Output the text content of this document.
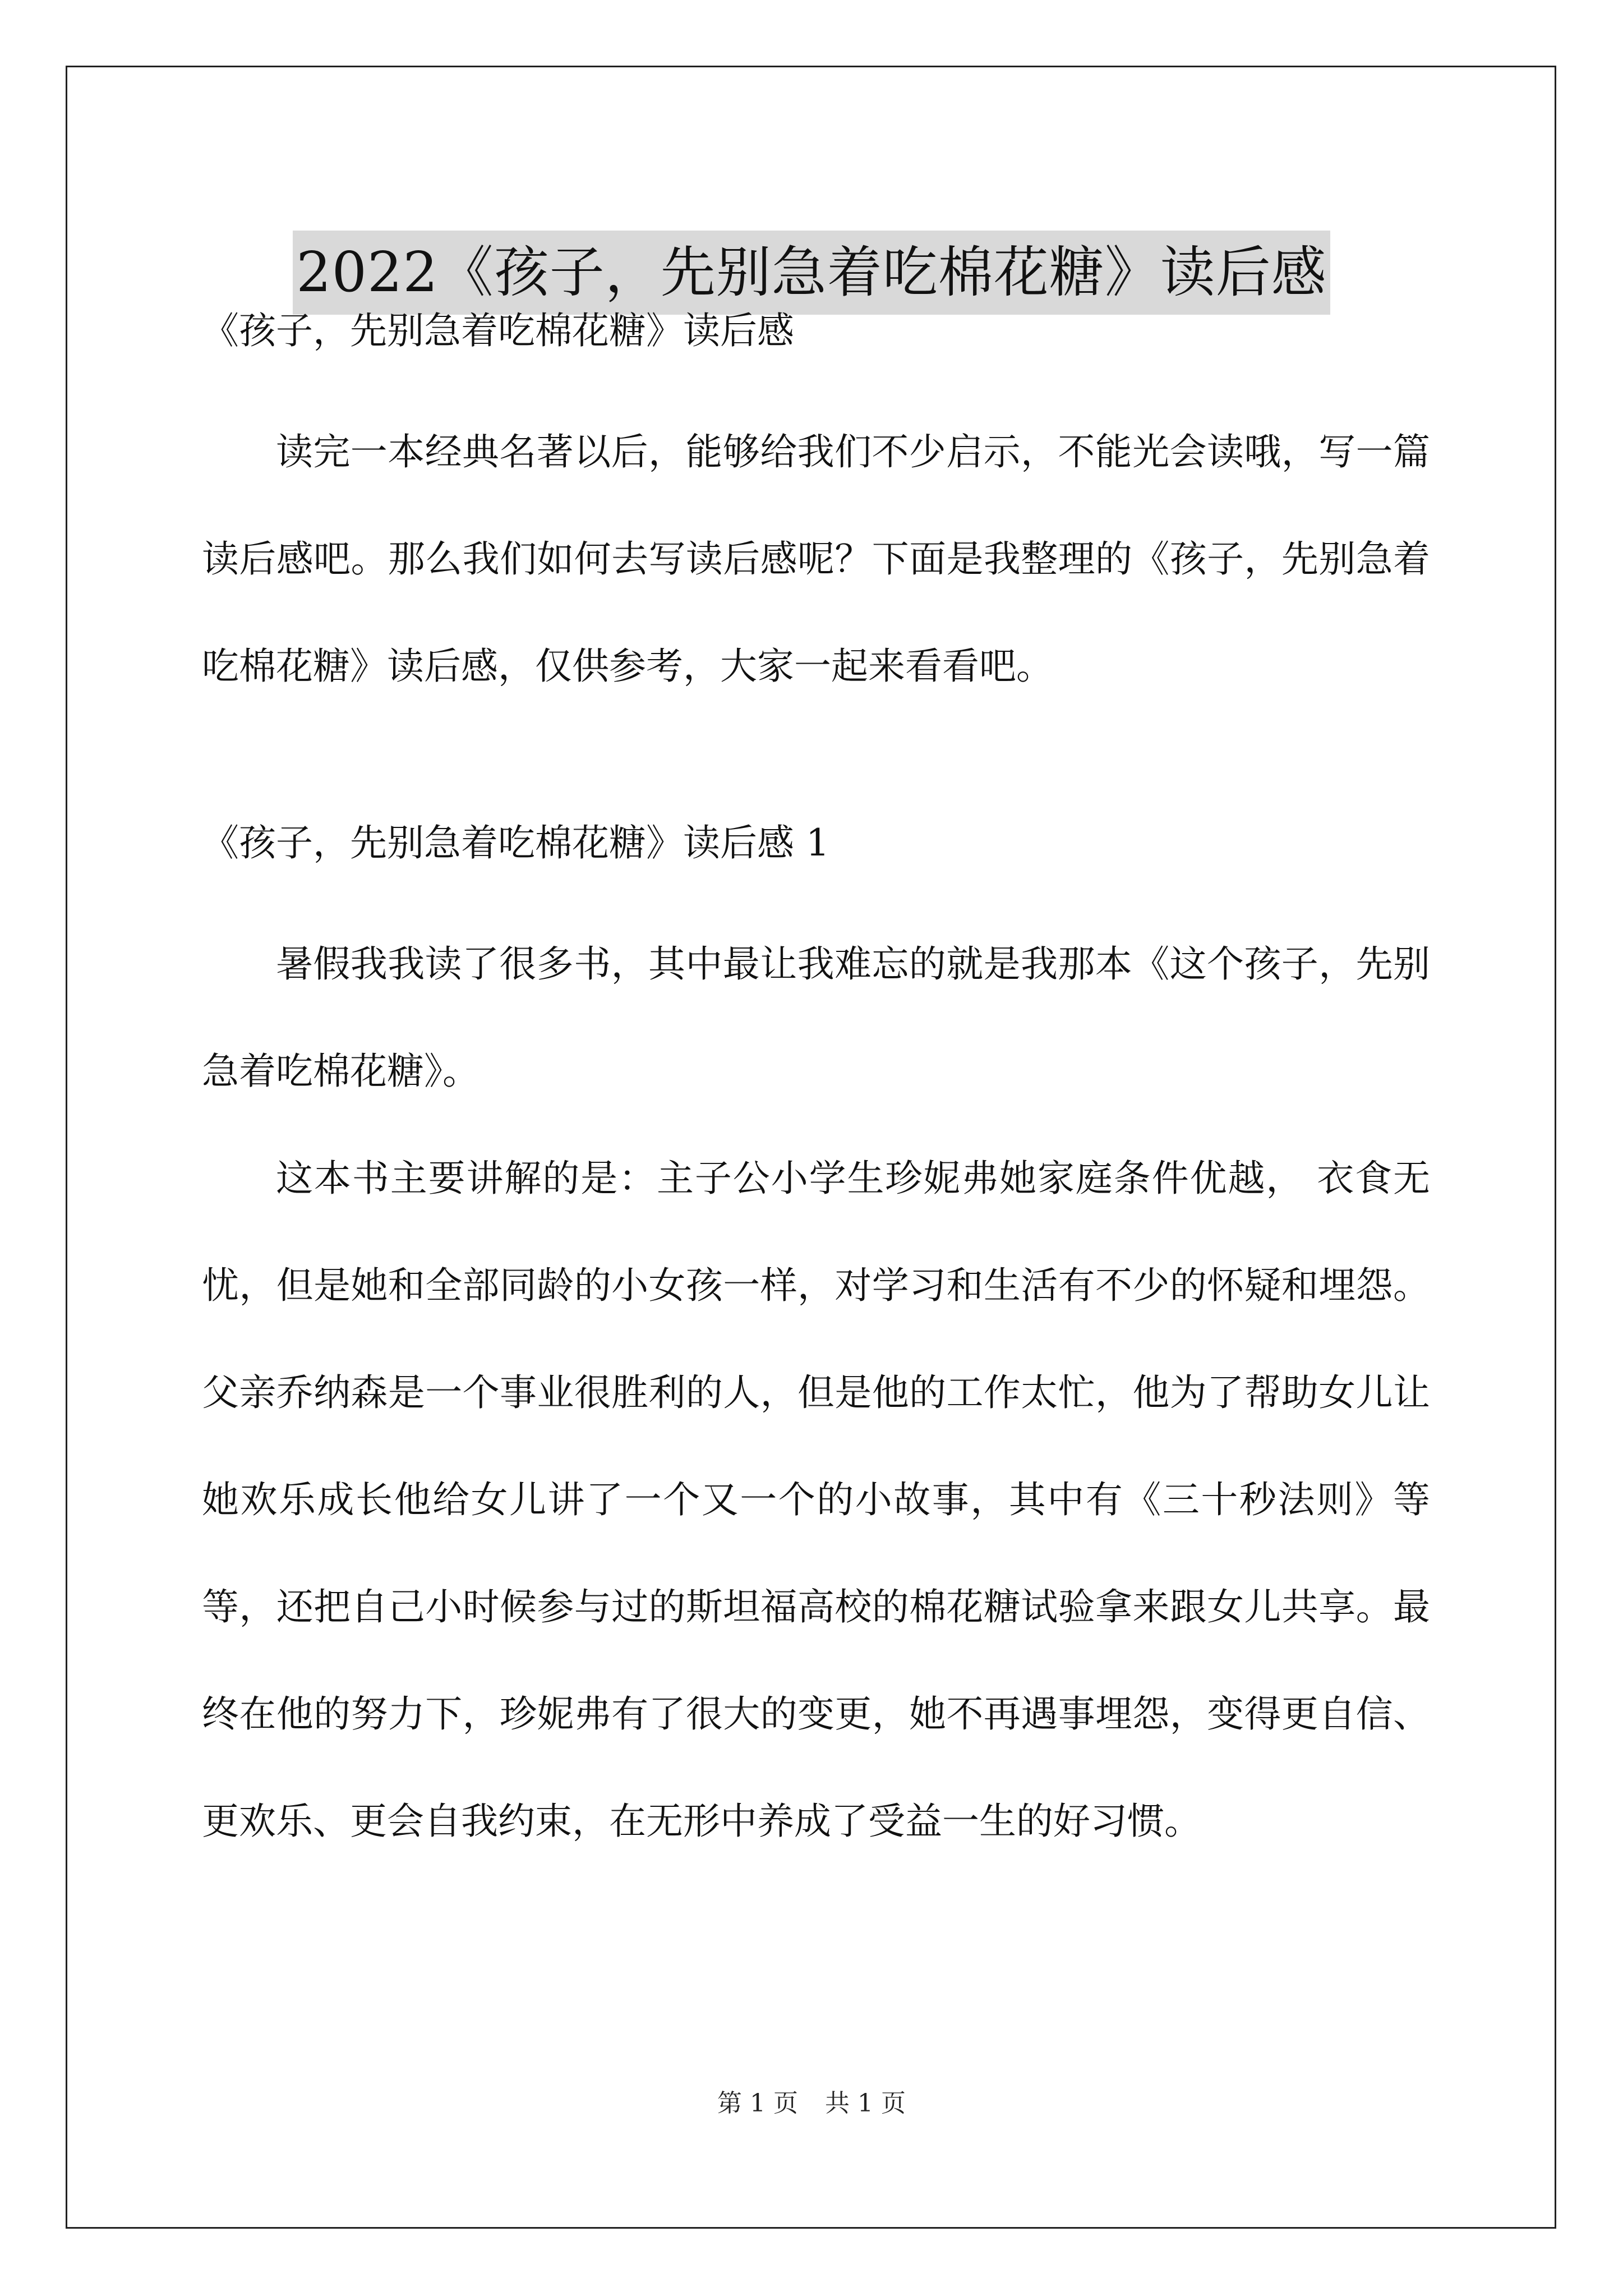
2022《孩子，先别急着吃棉花糖》读后感

《孩子，先别急着吃棉花糖》读后感

读完一本经典名著以后，能够给我们不少启示，不能光会读哦，写一篇读后感吧。那么我们如何去写读后感呢？下面是我整理的《孩子，先别急着吃棉花糖》读后感，仅供参考，大家一起来看看吧。

《孩子，先别急着吃棉花糖》读后感 1

暑假我我读了很多书，其中最让我难忘的就是我那本《这个孩子，先别急着吃棉花糖》。

这本书主要讲解的是：主子公小学生珍妮弗她家庭条件优越， 衣食无忧，但是她和全部同龄的小女孩一样，对学习和生活有不少的怀疑和埋怨。父亲乔纳森是一个事业很胜利的人，但是他的工作太忙，他为了帮助女儿让她欢乐成长他给女儿讲了一个又一个的小故事，其中有《三十秒法则》等等，还把自己小时候参与过的斯坦福高校的棉花糖试验拿来跟女儿共享。最终在他的努力下，珍妮弗有了很大的变更，她不再遇事埋怨，变得更自信、更欢乐、更会自我约束，在无形中养成了受益一生的好习惯。

第 1 页 共 1 页
